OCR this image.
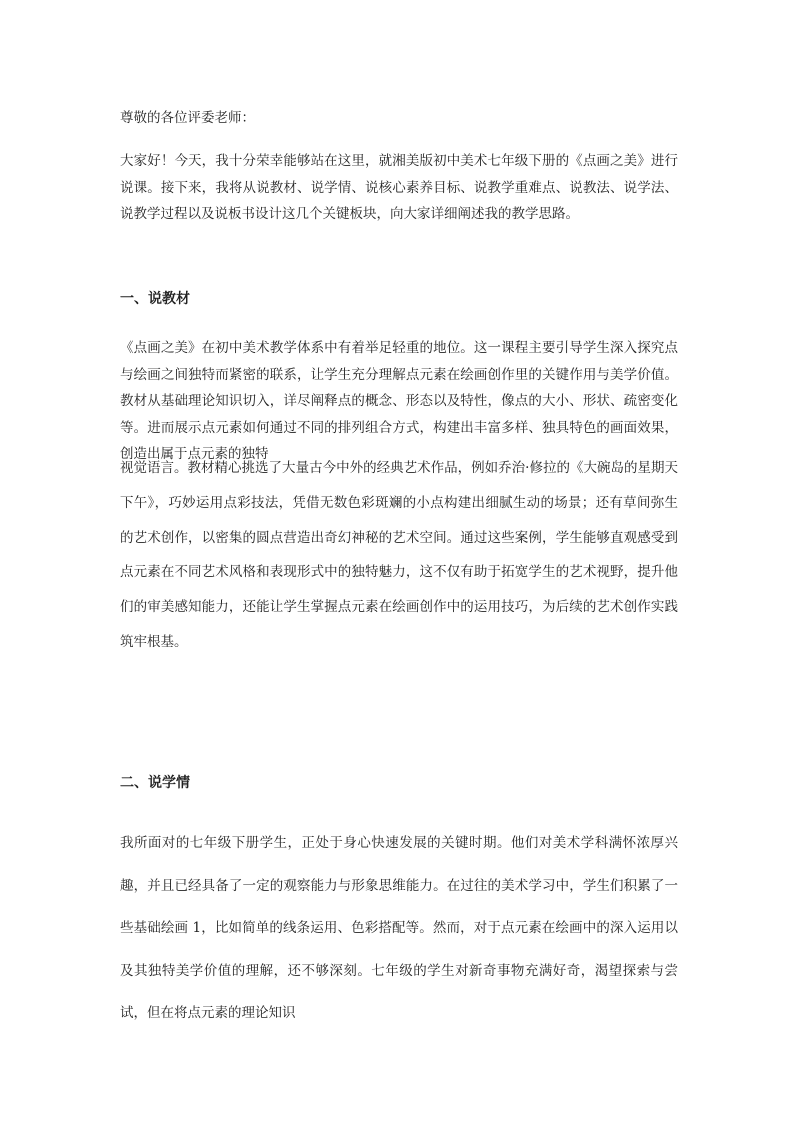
尊敬的各位评委老师：

大家好！今天，我十分荣幸能够站在这里，就湘美版初中美术七年级下册的《点画之美》进行说课。接下来，我将从说教材、说学情、说核心素养目标、说教学重难点、说教法、说学法、说教学过程以及说板书设计这几个关键板块，向大家详细阐述我的教学思路。

一、说教材

《点画之美》在初中美术教学体系中有着举足轻重的地位。这一课程主要引导学生深入探究点与绘画之间独特而紧密的联系，让学生充分理解点元素在绘画创作里的关键作用与美学价值。教材从基础理论知识切入，详尽阐释点的概念、形态以及特性，像点的大小、形状、疏密变化等。进而展示点元素如何通过不同的排列组合方式，构建出丰富多样、独具特色的画面效果，创造出属于点元素的独特

视觉语言。教材精心挑选了大量古今中外的经典艺术作品，例如乔治·修拉的《大碗岛的星期天下午》，巧妙运用点彩技法，凭借无数色彩斑斓的小点构建出细腻生动的场景；还有草间弥生的艺术创作，以密集的圆点营造出奇幻神秘的艺术空间。通过这些案例，学生能够直观感受到点元素在不同艺术风格和表现形式中的独特魅力，这不仅有助于拓宽学生的艺术视野，提升他们的审美感知能力，还能让学生掌握点元素在绘画创作中的运用技巧，为后续的艺术创作实践筑牢根基。

二、说学情

我所面对的七年级下册学生，正处于身心快速发展的关键时期。他们对美术学科满怀浓厚兴趣，并且已经具备了一定的观察能力与形象思维能力。在过往的美术学习中，学生们积累了一些基础绘画 1，比如简单的线条运用、色彩搭配等。然而，对于点元素在绘画中的深入运用以及其独特美学价值的理解，还不够深刻。七年级的学生对新奇事物充满好奇，渴望探索与尝试，但在将点元素的理论知识
